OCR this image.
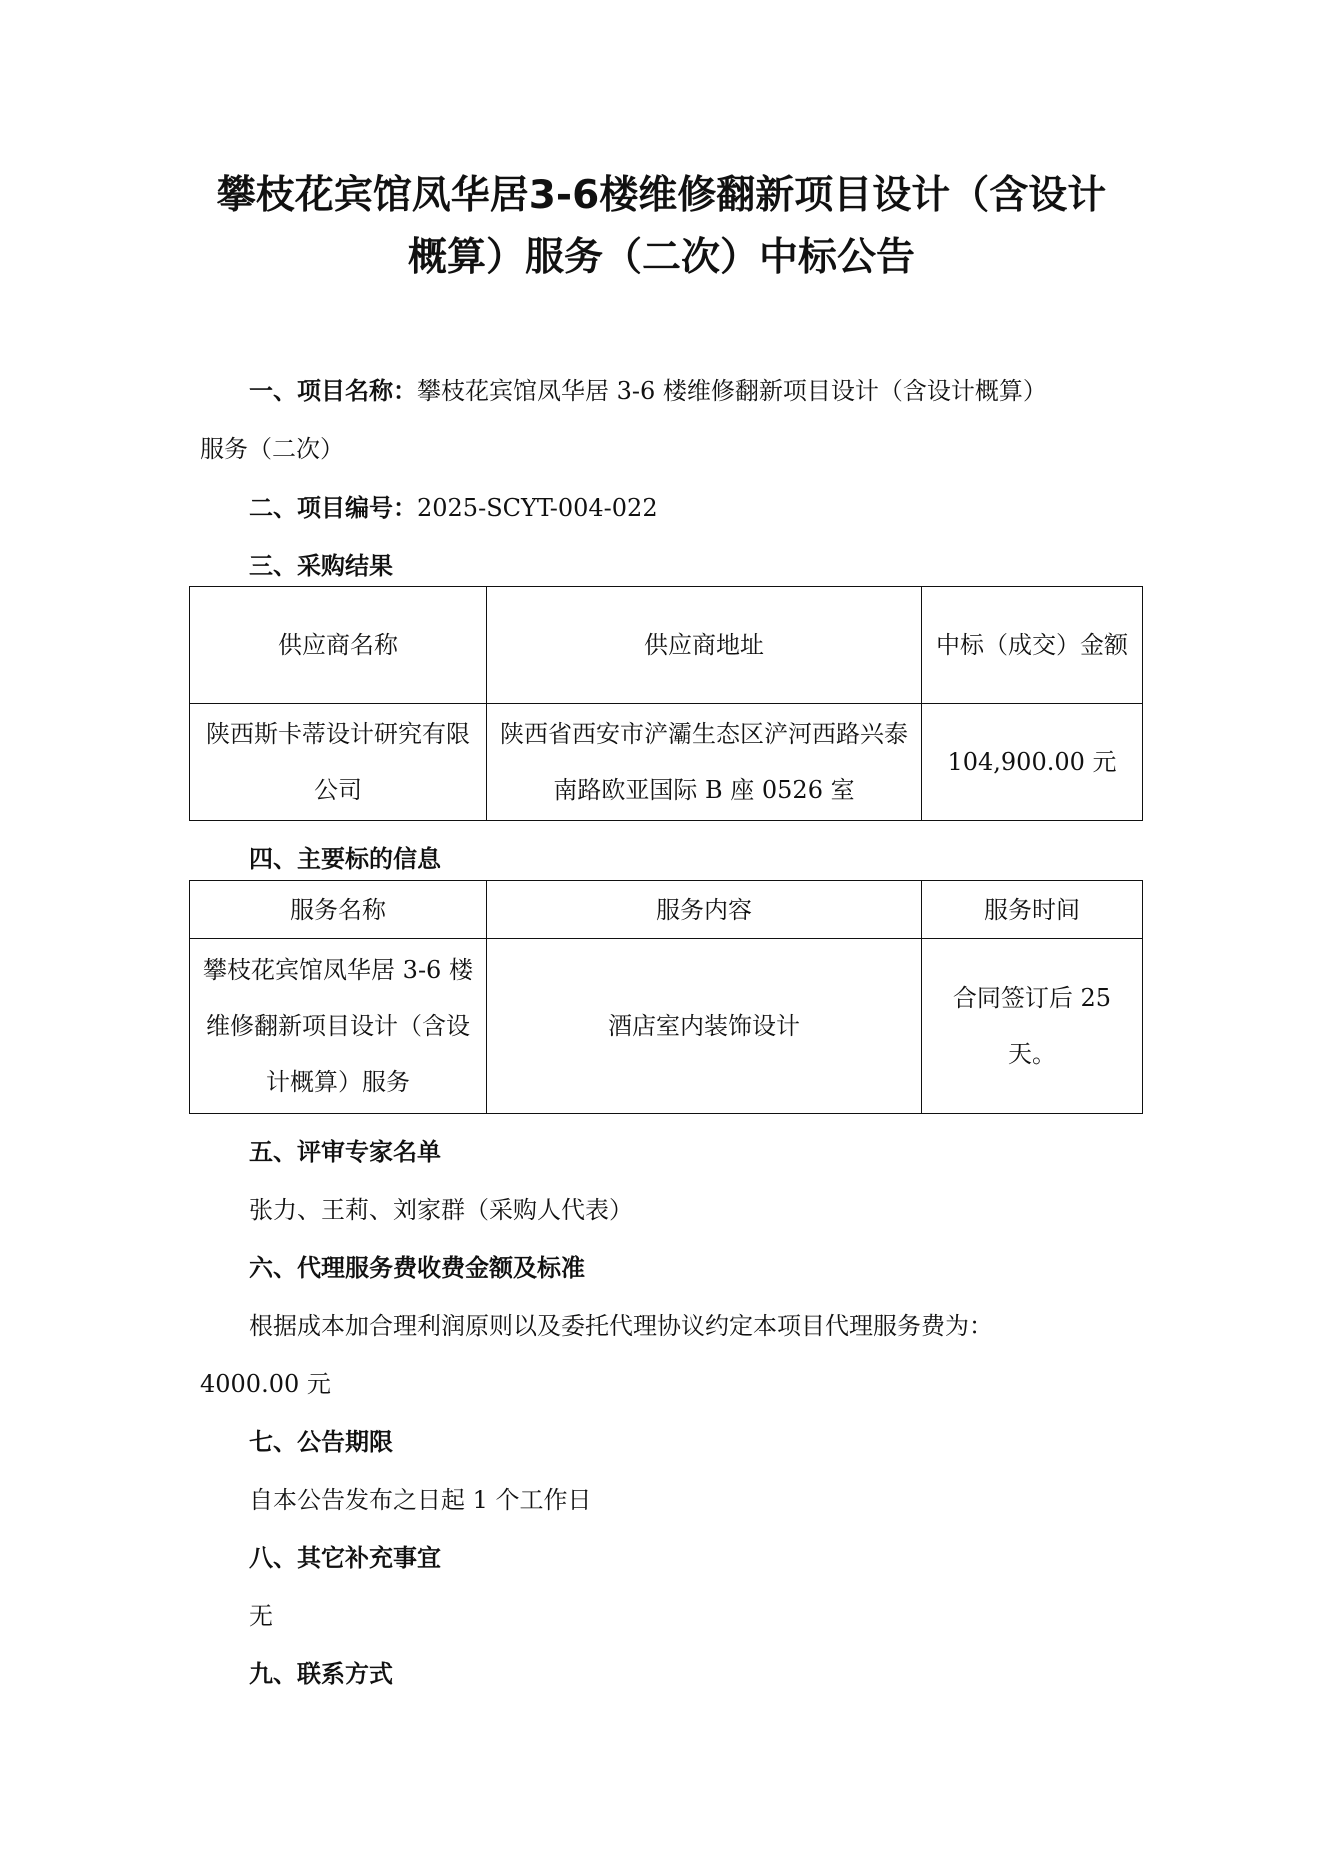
攀枝花宾馆凤华居3-6楼维修翻新项目设计（含设计
概算）服务（二次）中标公告
一、项目名称：攀枝花宾馆凤华居 3-6 楼维修翻新项目设计（含设计概算）
服务（二次）
二、项目编号：2025-SCYT-004-022
三、采购结果
供应商名称	供应商地址	中标（成交）金额
陕西斯卡蒂设计研究有限公司	陕西省西安市浐灞生态区浐河西路兴泰南路欧亚国际 B 座 0526 室	104,900.00 元
四、主要标的信息
服务名称	服务内容	服务时间
攀枝花宾馆凤华居 3-6 楼维修翻新项目设计（含设计概算）服务	酒店室内装饰设计	合同签订后 25 天。
五、评审专家名单
张力、王莉、刘家群（采购人代表）
六、代理服务费收费金额及标准
根据成本加合理利润原则以及委托代理协议约定本项目代理服务费为：
4000.00 元
七、公告期限
自本公告发布之日起 1 个工作日
八、其它补充事宜
无
九、联系方式
